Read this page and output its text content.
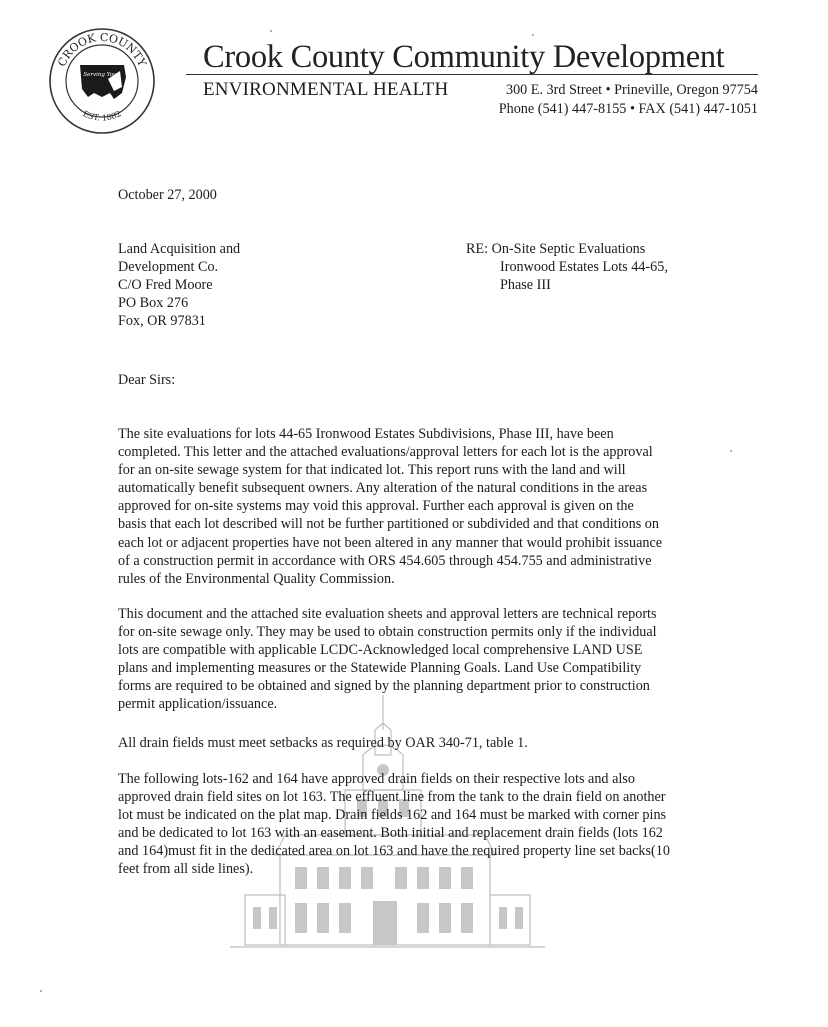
CROOK COUNTY
EST. 1882
Serving You	Crook County Community Development
ENVIRONMENTAL HEALTH	300 E. 3rd Street • Prineville, Oregon 97754
Phone (541) 447-8155 • FAX (541) 447-1051
October 27, 2000
Land Acquisition and
Development Co.
C/O Fred Moore
PO Box 276
Fox, OR 97831
RE: On-Site Septic Evaluations
Ironwood Estates Lots 44-65,
Phase III
Dear Sirs:
The site evaluations for lots 44-65 Ironwood Estates Subdivisions, Phase III, have been
completed. This letter and the attached evaluations/approval letters for each lot is the approval
for an on-site sewage system for that indicated lot. This report runs with the land and will
automatically benefit subsequent owners. Any alteration of the natural conditions in the areas
approved for on-site systems may void this approval. Further each approval is given on the
basis that each lot described will not be further partitioned or subdivided and that conditions on
each lot or adjacent properties have not been altered in any manner that would prohibit issuance
of a construction permit in accordance with ORS 454.605 through 454.755 and administrative
rules of the Environmental Quality Commission.
This document and the attached site evaluation sheets and approval letters are technical reports
for on-site sewage only. They may be used to obtain construction permits only if the individual
lots are compatible with applicable LCDC-Acknowledged local comprehensive LAND USE
plans and implementing measures or the Statewide Planning Goals. Land Use Compatibility
forms are required to be obtained and signed by the planning department prior to construction
permit application/issuance.
All drain fields must meet setbacks as required by OAR 340-71, table 1.
The following lots-162 and 164 have approved drain fields on their respective lots and also
approved drain field sites on lot 163. The effluent line from the tank to the drain field on another
lot must be indicated on the plat map. Drain fields 162 and 164 must be marked with corner pins
and be dedicated to lot 163 with an easement. Both initial and replacement drain fields (lots 162
and 164)must fit in the dedicated area on lot 163 and have the required property line set backs(10
feet from all side lines).
